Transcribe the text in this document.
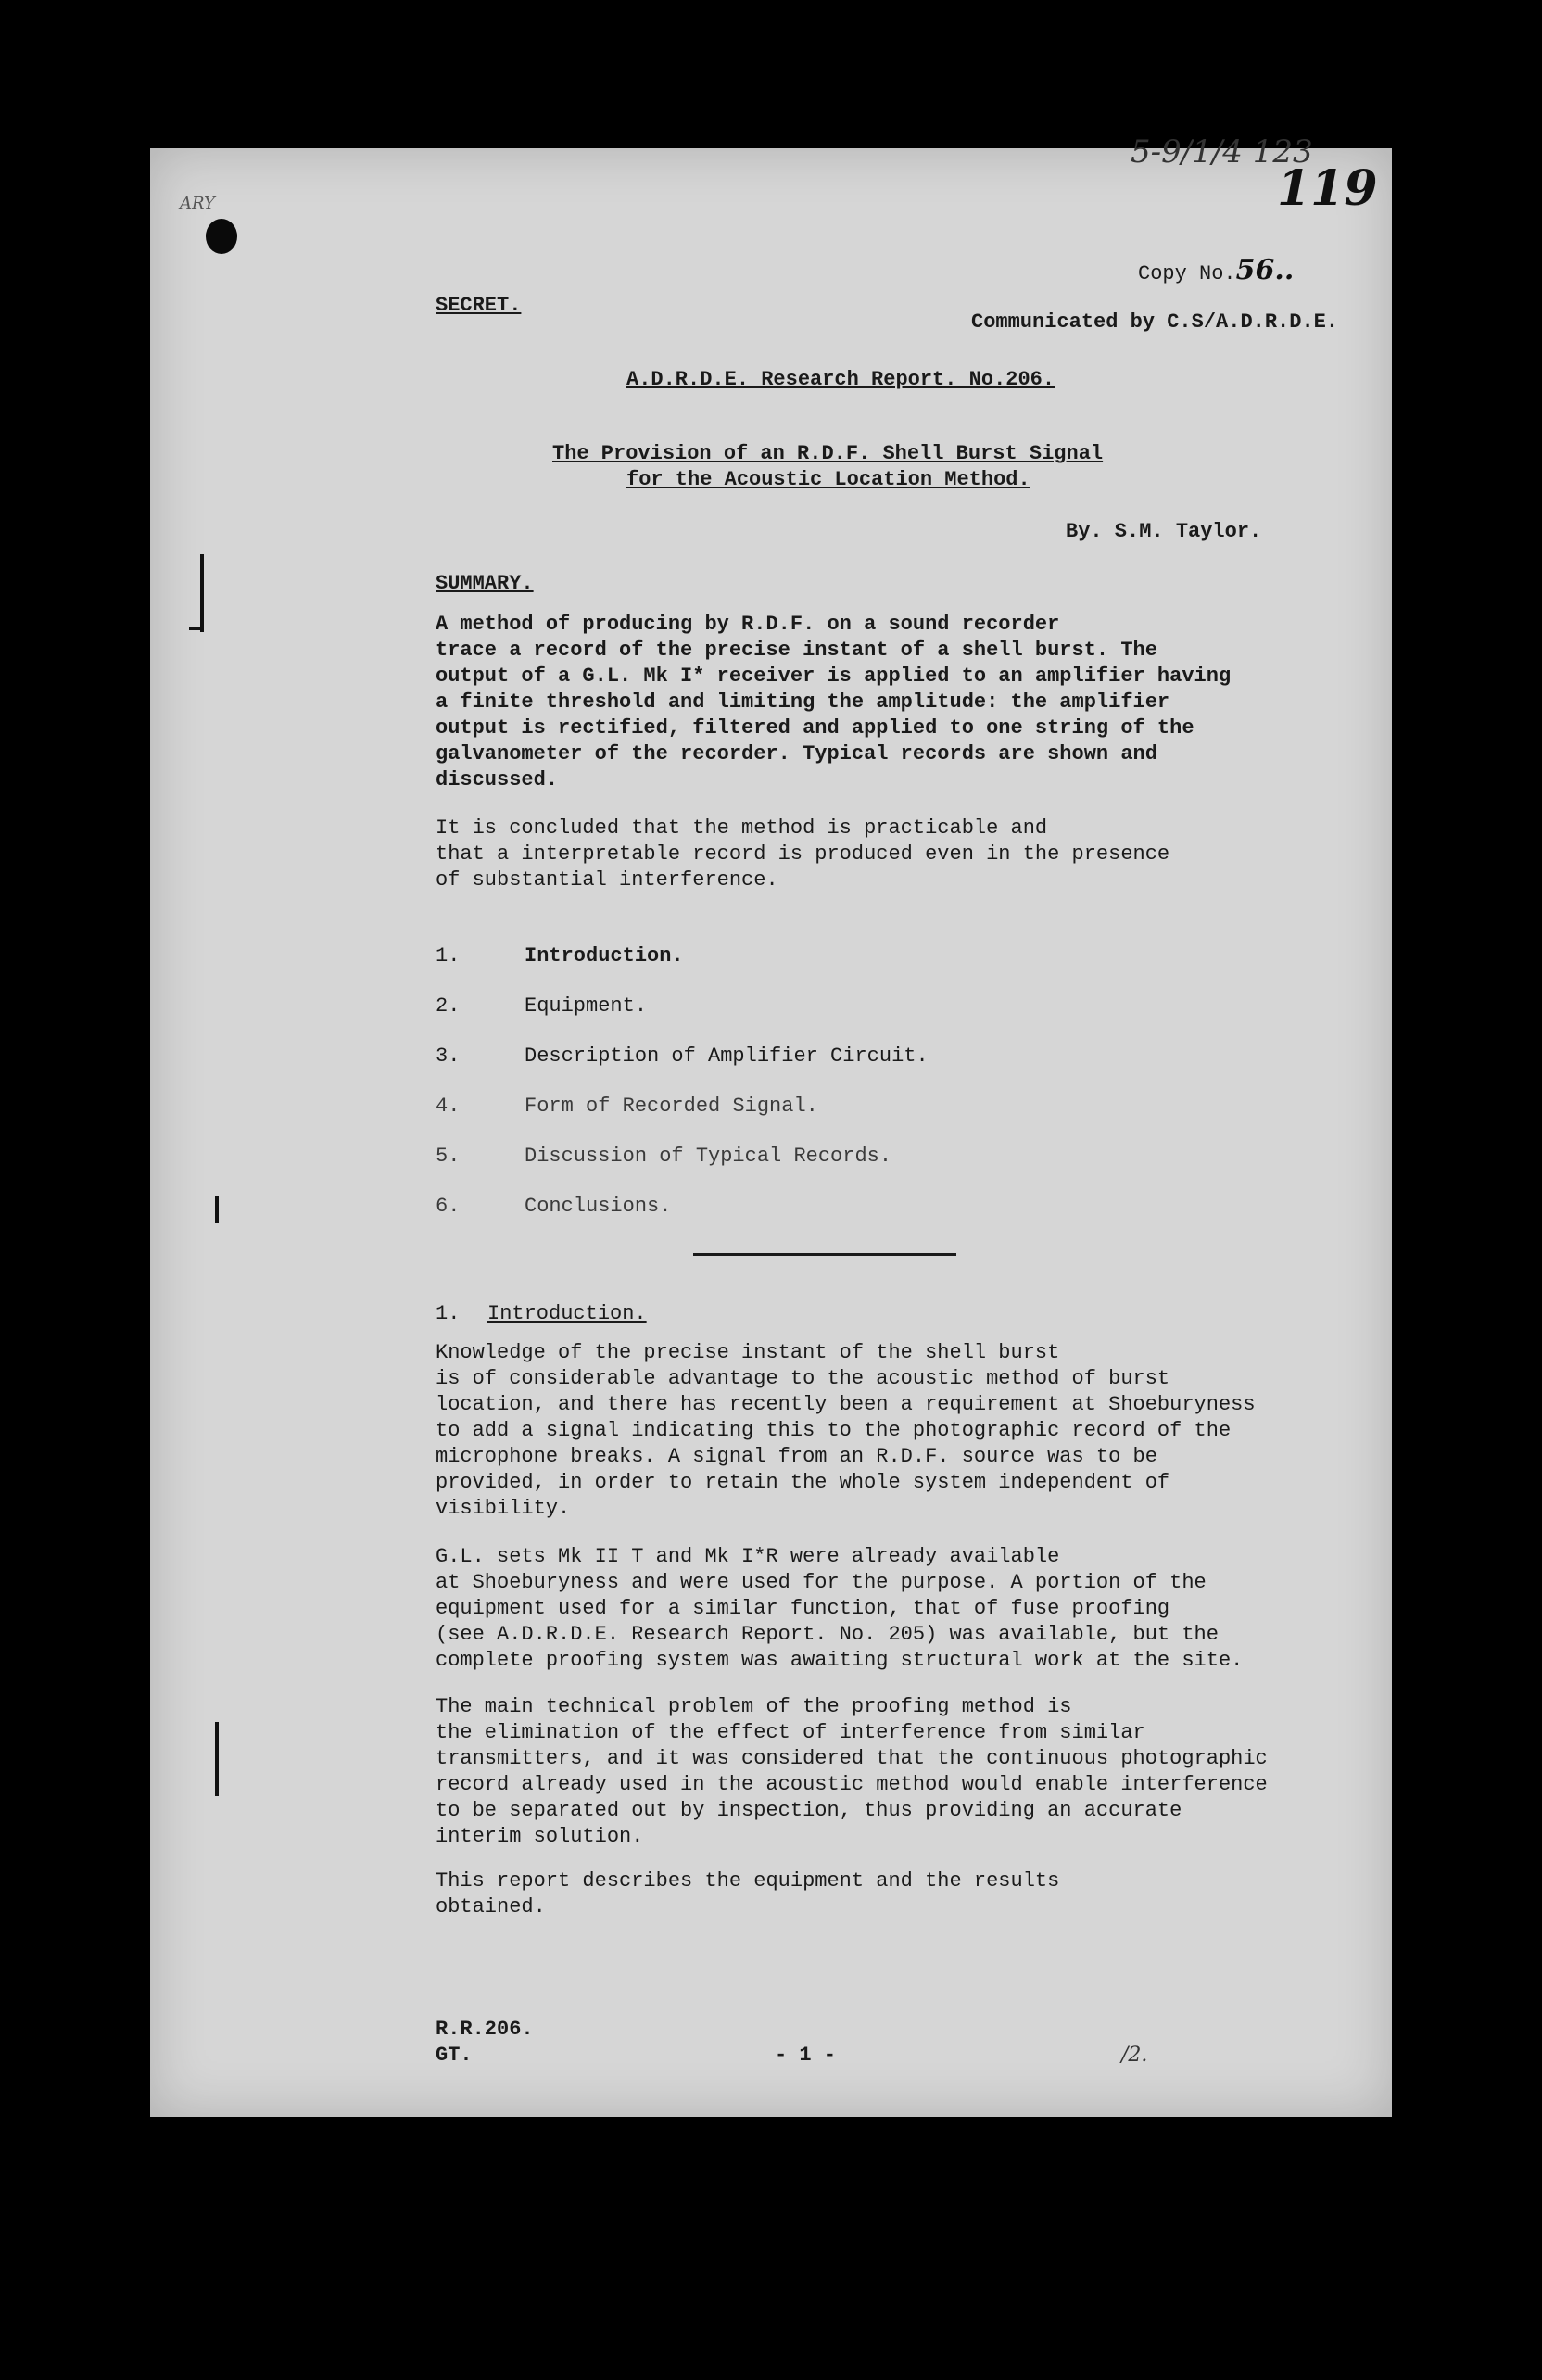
5-9/1/4 123
119
ARY
Copy No.56..
SECRET.
Communicated by C.S/A.D.R.D.E.
A.D.R.D.E. Research Report. No.206.
The Provision of an R.D.F. Shell Burst Signal
for the Acoustic Location Method.
By. S.M. Taylor.
SUMMARY.
A method of producing by R.D.F. on a sound recorder
trace a record of the precise instant of a shell burst. The
output of a G.L. Mk I* receiver is applied to an amplifier having
a finite threshold and limiting the amplitude: the amplifier
output is rectified, filtered and applied to one string of the
galvanometer of the recorder. Typical records are shown and
discussed.
It is concluded that the method is practicable and
that a interpretable record is produced even in the presence
of substantial interference.
1.	Introduction.
2.	Equipment.
3.	Description of Amplifier Circuit.
4.	Form of Recorded Signal.
5.	Discussion of Typical Records.
6.	Conclusions.
1. Introduction.
Knowledge of the precise instant of the shell burst
is of considerable advantage to the acoustic method of burst
location, and there has recently been a requirement at Shoeburyness
to add a signal indicating this to the photographic record of the
microphone breaks. A signal from an R.D.F. source was to be
provided, in order to retain the whole system independent of
visibility.
G.L. sets Mk II T and Mk I*R were already available
at Shoeburyness and were used for the purpose. A portion of the
equipment used for a similar function, that of fuse proofing
(see A.D.R.D.E. Research Report. No. 205) was available, but the
complete proofing system was awaiting structural work at the site.
The main technical problem of the proofing method is
the elimination of the effect of interference from similar
transmitters, and it was considered that the continuous photographic
record already used in the acoustic method would enable interference
to be separated out by inspection, thus providing an accurate
interim solution.
This report describes the equipment and the results
obtained.
R.R.206.
GT.	- 1 -	/2.
